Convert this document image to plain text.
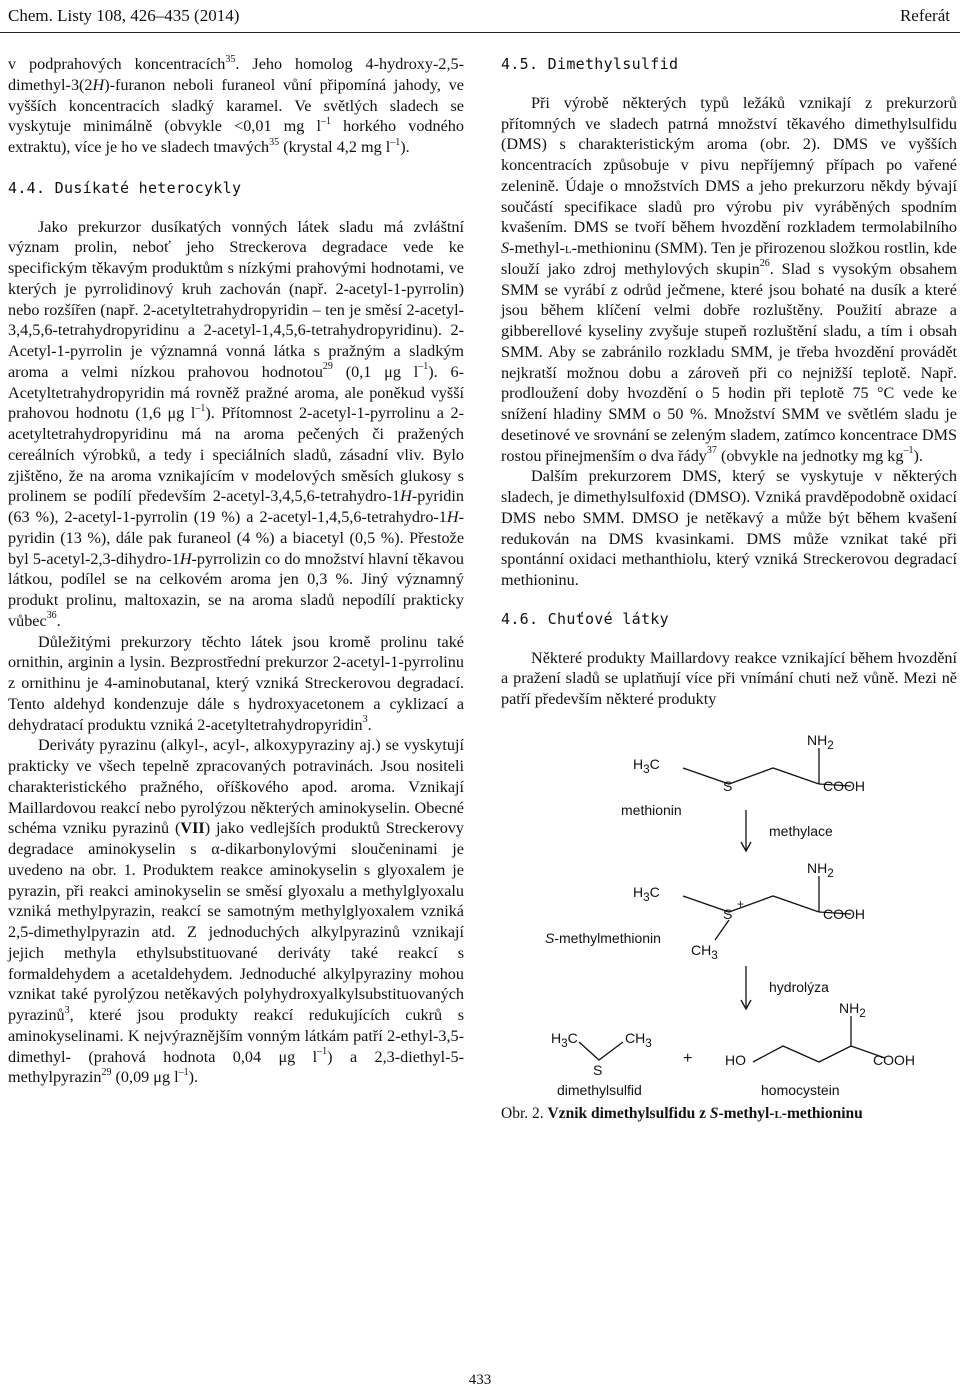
Chem. Listy 108, 426–435 (2014)	Referát

v podprahových koncentracích$^{35}$. Jeho homolog 4-hydroxy-2,5-dimethyl-3(2H)-furanon neboli furaneol vůní připomíná jahody, ve vyšších koncentracích sladký karamel. Ve světlých sladech se vyskytuje minimálně (obvykle <0,01 mg $l^{-1}$ horkého vodného extraktu), více je ho ve sladech tmavých$^{35}$ (krystal 4,2 mg $l^{-1}$).

4.4. Dusíkaté heterocykly

Jako prekurzor dusíkatých vonných látek sladu má zvláštní význam prolin, neboť jeho Streckerova degradace vede ke specifickým těkavým produktům s nízkými prahovými hodnotami, ve kterých je pyrrolidinový kruh zachován (např. 2-acetyl-1-pyrrolin) nebo rozšířen (např. 2-acetyltetrahydropyridin – ten je směsí 2-acetyl-3,4,5,6-tetrahydropyridinu a 2-acetyl-1,4,5,6-tetrahydropyridinu). 2-Acetyl-1-pyrrolin je významná vonná látka s pražným a sladkým aroma a velmi nízkou prahovou hodnotou$^{29}$ (0,1 μg $l^{-1}$). 6-Acetyltetrahydropyridin má rovněž pražné aroma, ale poněkud vyšší prahovou hodnotu (1,6 μg $l^{-1}$). Přítomnost 2-acetyl-1-pyrrolinu a 2-acetyltetrahydropyridinu má na aroma pečených či pražených cereálních výrobků, a tedy i speciálních sladů, zásadní vliv. Bylo zjištěno, že na aroma vznikajícím v modelových směsích glukosy s prolinem se podílí především 2-acetyl-3,4,5,6-tetrahydro-1H-pyridin (63 %), 2-acetyl-1-pyrrolin (19 %) a 2-acetyl-1,4,5,6-tetrahydro-1H-pyridin (13 %), dále pak furaneol (4 %) a biacetyl (0,5 %). Přestože byl 5-acetyl-2,3-dihydro-1H-pyrrolizin co do množství hlavní těkavou látkou, podílel se na celkovém aroma jen 0,3 %. Jiný významný produkt prolinu, maltoxazin, se na aroma sladů nepodílí prakticky vůbec$^{36}$.

Důležitými prekurzory těchto látek jsou kromě prolinu také ornithin, arginin a lysin. Bezprostřední prekurzor 2-acetyl-1-pyrrolinu z ornithinu je 4-aminobutanal, který vzniká Streckerovou degradací. Tento aldehyd kondenzuje dále s hydroxyacetonem a cyklizací a dehydratací produktu vzniká 2-acetyltetrahydropyridin$^3$.

Deriváty pyrazinu (alkyl-, acyl-, alkoxypyraziny aj.) se vyskytují prakticky ve všech tepelně zpracovaných potravinách. Jsou nositeli charakteristického pražného, oříškového apod. aroma. Vznikají Maillardovou reakcí nebo pyrolýzou některých aminokyselin. Obecné schéma vzniku pyrazinů (VII) jako vedlejších produktů Streckerovy degradace aminokyselin s α-dikarbonylovými sloučeninami je uvedeno na obr. 1. Produktem reakce aminokyselin s glyoxalem je pyrazin, při reakci aminokyselin se směsí glyoxalu a methylglyoxalu vzniká methylpyrazin, reakcí se samotným methylglyoxalem vzniká 2,5-dimethylpyrazin atd. Z jednoduchých alkylpyrazinů vznikají jejich methyla ethylsubstituované deriváty také reakcí s formaldehydem a acetaldehydem. Jednoduché alkylpyraziny mohou vznikat také pyrolýzou netěkavých polyhydroxyalkylsubstituovaných pyrazinů$^3$, které jsou produkty reakcí redukujících cukrů s aminokyselinami. K nejvýraznějším vonným látkám patří 2-ethyl-3,5-dimethyl- (prahová hodnota 0,04 μg $l^{-1}$) a 2,3-diethyl-5-methylpyrazin$^{29}$ (0,09 μg $l^{-1}$).

4.5. Dimethylsulfid

Při výrobě některých typů ležáků vznikají z prekurzorů přítomných ve sladech patrná množství těkavého dimethylsulfidu (DMS) s charakteristickým aroma (obr. 2). DMS ve vyšších koncentracích způsobuje v pivu nepříjemný přípach po vařené zelenině. Údaje o množstvích DMS a jeho prekurzoru někdy bývají součástí specifikace sladů pro výrobu piv vyráběných spodním kvašením. DMS se tvoří během hvozdění rozkladem termolabilního S-methyl-l-methioninu (SMM). Ten je přirozenou složkou rostlin, kde slouží jako zdroj methylových skupin$^{26}$. Slad s vysokým obsahem SMM se vyrábí z odrůd ječmene, které jsou bohaté na dusík a které jsou během klíčení velmi dobře rozluštěny. Použití abraze a gibberellové kyseliny zvyšuje stupeň rozluštění sladu, a tím i obsah SMM. Aby se zabránilo rozkladu SMM, je třeba hvozdění provádět nejkratší možnou dobu a zároveň při co nejnižší teplotě. Např. prodloužení doby hvozdění o 5 hodin při teplotě 75 °C vede ke snížení hladiny SMM o 50 %. Množství SMM ve světlém sladu je desetinové ve srovnání se zeleným sladem, zatímco koncentrace DMS rostou přinejmenším o dva řády$^{37}$ (obvykle na jednotky mg $kg^{-1}$).

Dalším prekurzorem DMS, který se vyskytuje v některých sladech, je dimethylsulfoxid (DMSO). Vzniká pravděpodobně oxidací DMS nebo SMM. DMSO je netěkavý a může být během kvašení redukován na DMS kvasinkami. DMS může vznikat také při spontánní oxidaci methanthiolu, který vzniká Streckerovou degradací methioninu.

4.6. Chuťové látky

Některé produkty Maillardovy reakce vznikající během hvozdění a pražení sladů se uplatňují více při vnímání chuti než vůně. Mezi ně patří především některé produkty

$NH_2$
$H_3C$
S	COOH
methionin
methylace
$NH_2$
$H_3C$
S
+
COOH
$CH_3$
S-methylmethionin
hydrolýza
$H_3C$	$CH_3$
S
+
dimethylsulfid
$NH_2$
HO	COOH
homocystein

Obr. 2. Vznik dimethylsulfidu z S-methyl-l-methioninu

433
